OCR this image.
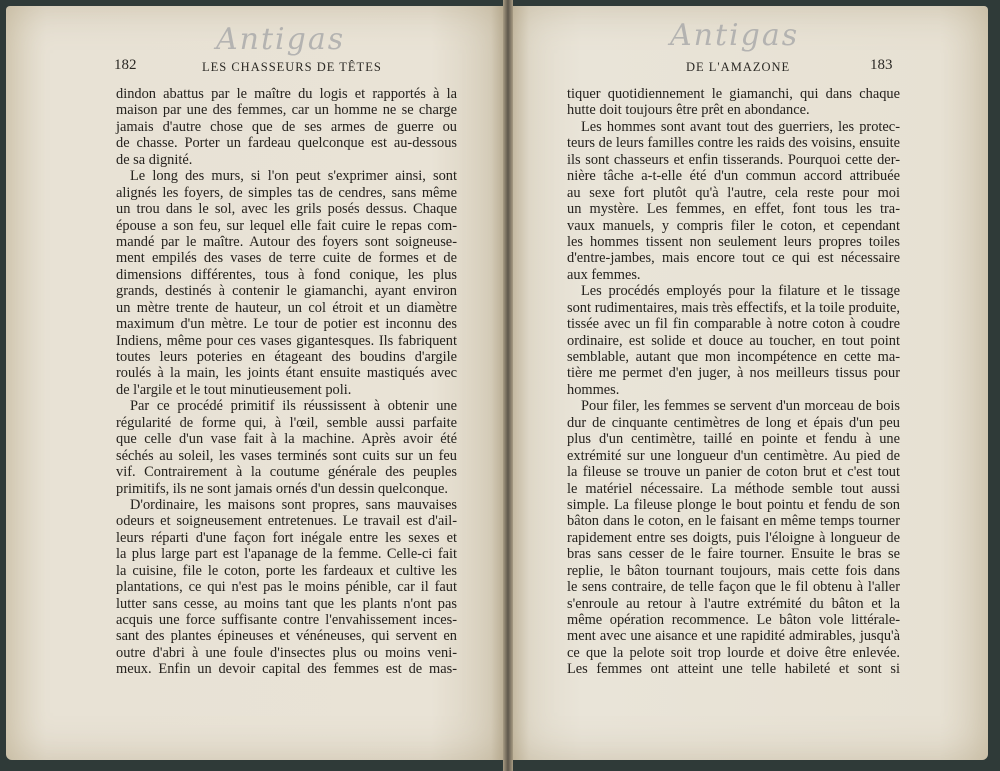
Antigas
182	LES CHASSEURS DE TÊTES
dindon abattus par le maître du logis et rapportés à la
maison par une des femmes, car un homme ne se charge
jamais d'autre chose que de ses armes de guerre ou
de chasse. Porter un fardeau quelconque est au-dessous
de sa dignité.
Le long des murs, si l'on peut s'exprimer ainsi, sont
alignés les foyers, de simples tas de cendres, sans même
un trou dans le sol, avec les grils posés dessus. Chaque
épouse a son feu, sur lequel elle fait cuire le repas com-
mandé par le maître. Autour des foyers sont soigneuse-
ment empilés des vases de terre cuite de formes et de
dimensions différentes, tous à fond conique, les plus
grands, destinés à contenir le giamanchi, ayant environ
un mètre trente de hauteur, un col étroit et un diamètre
maximum d'un mètre. Le tour de potier est inconnu des
Indiens, même pour ces vases gigantesques. Ils fabriquent
toutes leurs poteries en étageant des boudins d'argile
roulés à la main, les joints étant ensuite mastiqués avec
de l'argile et le tout minutieusement poli.
Par ce procédé primitif ils réussissent à obtenir une
régularité de forme qui, à l'œil, semble aussi parfaite
que celle d'un vase fait à la machine. Après avoir été
séchés au soleil, les vases terminés sont cuits sur un feu
vif. Contrairement à la coutume générale des peuples
primitifs, ils ne sont jamais ornés d'un dessin quelconque.
D'ordinaire, les maisons sont propres, sans mauvaises
odeurs et soigneusement entretenues. Le travail est d'ail-
leurs réparti d'une façon fort inégale entre les sexes et
la plus large part est l'apanage de la femme. Celle-ci fait
la cuisine, file le coton, porte les fardeaux et cultive les
plantations, ce qui n'est pas le moins pénible, car il faut
lutter sans cesse, au moins tant que les plants n'ont pas
acquis une force suffisante contre l'envahissement inces-
sant des plantes épineuses et vénéneuses, qui servent en
outre d'abri à une foule d'insectes plus ou moins veni-
meux. Enfin un devoir capital des femmes est de mas-
Antigas
DE L'AMAZONE	183
tiquer quotidiennement le giamanchi, qui dans chaque
hutte doit toujours être prêt en abondance.
Les hommes sont avant tout des guerriers, les protec-
teurs de leurs familles contre les raids des voisins, ensuite
ils sont chasseurs et enfin tisserands. Pourquoi cette der-
nière tâche a-t-elle été d'un commun accord attribuée
au sexe fort plutôt qu'à l'autre, cela reste pour moi
un mystère. Les femmes, en effet, font tous les tra-
vaux manuels, y compris filer le coton, et cependant
les hommes tissent non seulement leurs propres toiles
d'entre-jambes, mais encore tout ce qui est nécessaire
aux femmes.
Les procédés employés pour la filature et le tissage
sont rudimentaires, mais très effectifs, et la toile produite,
tissée avec un fil fin comparable à notre coton à coudre
ordinaire, est solide et douce au toucher, en tout point
semblable, autant que mon incompétence en cette ma-
tière me permet d'en juger, à nos meilleurs tissus pour
hommes.
Pour filer, les femmes se servent d'un morceau de bois
dur de cinquante centimètres de long et épais d'un peu
plus d'un centimètre, taillé en pointe et fendu à une
extrémité sur une longueur d'un centimètre. Au pied de
la fileuse se trouve un panier de coton brut et c'est tout
le matériel nécessaire. La méthode semble tout aussi
simple. La fileuse plonge le bout pointu et fendu de son
bâton dans le coton, en le faisant en même temps tourner
rapidement entre ses doigts, puis l'éloigne à longueur de
bras sans cesser de le faire tourner. Ensuite le bras se
replie, le bâton tournant toujours, mais cette fois dans
le sens contraire, de telle façon que le fil obtenu à l'aller
s'enroule au retour à l'autre extrémité du bâton et la
même opération recommence. Le bâton vole littérale-
ment avec une aisance et une rapidité admirables, jusqu'à
ce que la pelote soit trop lourde et doive être enlevée.
Les femmes ont atteint une telle habileté et sont si
